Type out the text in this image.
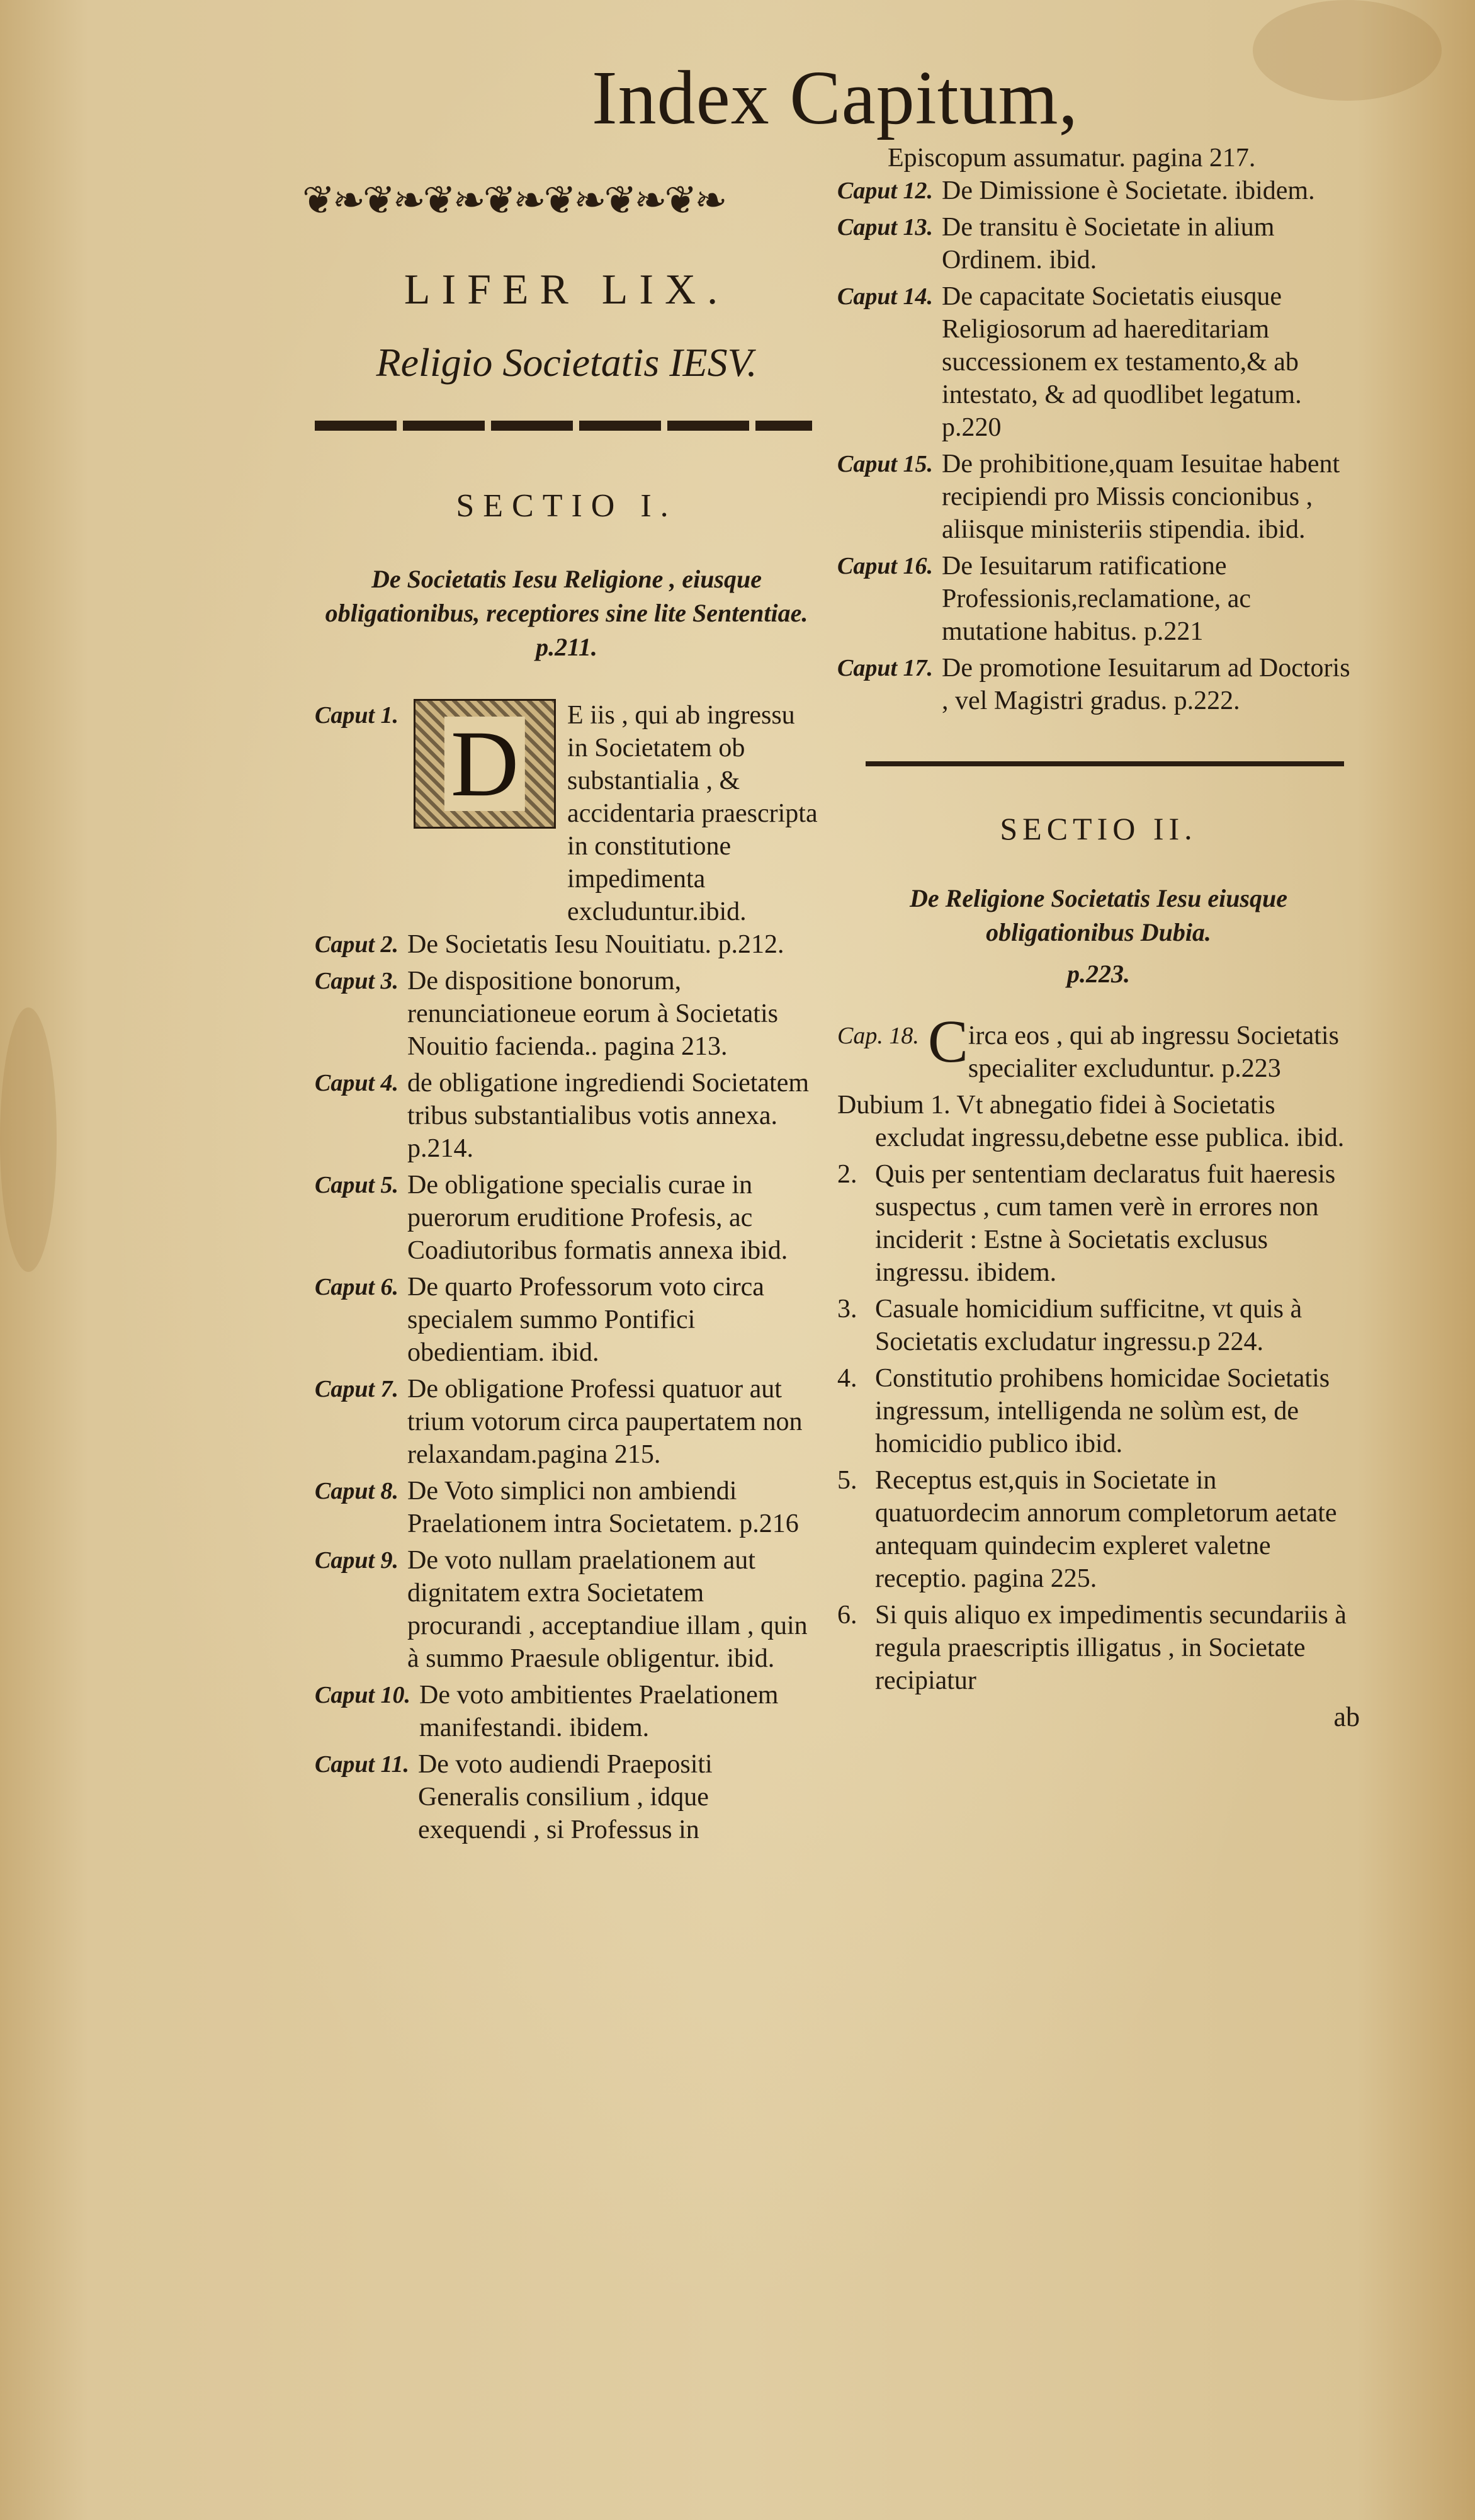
Index Capitum,
❦❧❦❧❦❧❦❧❦❧❦❧❦❧
LIFER LIX.
Religio Societatis IESV.
SECTIO I.
De Societatis Iesu Religione , eiusque obligationibus, receptiores sine lite Sententiae. p.211.
Caput 1. D E iis , qui ab ingressu in Societatem ob substantialia , & accidentaria praescripta in constitutione impedimenta excluduntur.ibid.
Caput 2. De Societatis Iesu Nouitiatu. p.212.
Caput 3. De dispositione bonorum, renunciationeue eorum à Societatis Nouitio facienda.. pagina 213.
Caput 4. de obligatione ingrediendi Societatem tribus substantialibus votis annexa. p.214.
Caput 5. De obligatione specialis curae in puerorum eruditione Profesis, ac Coadiutoribus formatis annexa ibid.
Caput 6. De quarto Professorum voto circa specialem summo Pontifici obedientiam. ibid.
Caput 7. De obligatione Professi quatuor aut trium votorum circa paupertatem non relaxandam.pagina 215.
Caput 8. De Voto simplici non ambiendi Praelationem intra Societatem. p.216
Caput 9. De voto nullam praelationem aut dignitatem extra Societatem procurandi , acceptandiue illam , quin à summo Praesule obligentur. ibid.
Caput 10. De voto ambitientes Praelationem manifestandi. ibidem.
Caput 11. De voto audiendi Praepositi Generalis consilium , idque exequendi , si Professus in
Episcopum assumatur. pagina 217.
Caput 12. De Dimissione è Societate. ibidem.
Caput 13. De transitu è Societate in alium Ordinem. ibid.
Caput 14. De capacitate Societatis eiusque Religiosorum ad haereditariam successionem ex testamento,& ab intestato, & ad quodlibet legatum. p.220
Caput 15. De prohibitione,quam Iesuitae habent recipiendi pro Missis concionibus , aliisque ministeriis stipendia. ibid.
Caput 16. De Iesuitarum ratificatione Professionis,reclamatione, ac mutatione habitus. p.221
Caput 17. De promotione Iesuitarum ad Doctoris , vel Magistri gradus. p.222.
SECTIO II.
De Religione Societatis Iesu eiusque obligationibus Dubia.
p.223.
Cap. 18. C irca eos , qui ab ingressu Societatis specialiter excluduntur. p.223
Dubium 1. Vt abnegatio fidei à Societatis excludat ingressu,debetne esse publica. ibid.
2. Quis per sententiam declaratus fuit haeresis suspectus , cum tamen verè in errores non inciderit : Estne à Societatis exclusus ingressu. ibidem.
3. Casuale homicidium sufficitne, vt quis à Societatis excludatur ingressu.p 224.
4. Constitutio prohibens homicidae Societatis ingressum, intelligenda ne solùm est, de homicidio publico ibid.
5. Receptus est,quis in Societate in quatuordecim annorum completorum aetate antequam quindecim expleret valetne receptio. pagina 225.
6. Si quis aliquo ex impedimentis secundariis à regula praescriptis illigatus , in Societate recipiatur
ab
